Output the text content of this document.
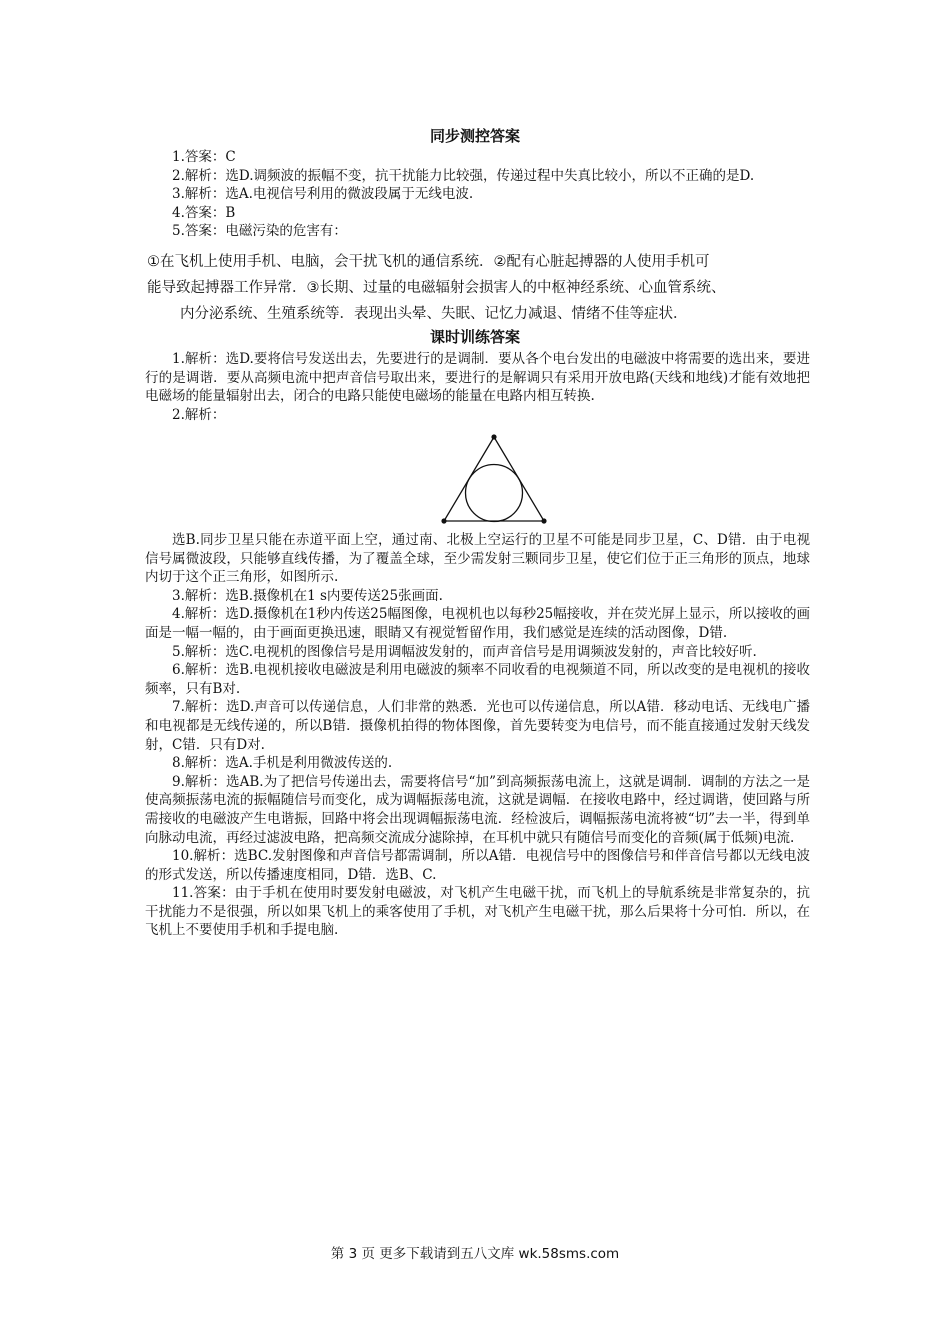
同步测控答案

1.答案：C

2.解析：选D.调频波的振幅不变，抗干扰能力比较强，传递过程中失真比较小，所以不正确的是D.

3.解析：选A.电视信号利用的微波段属于无线电波.

4.答案：B

5.答案：电磁污染的危害有：

①在飞机上使用手机、电脑，会干扰飞机的通信系统．②配有心脏起搏器的人使用手机可

能导致起搏器工作异常．③长期、过量的电磁辐射会损害人的中枢神经系统、心血管系统、

内分泌系统、生殖系统等．表现出头晕、失眠、记忆力减退、情绪不佳等症状．

课时训练答案

1.解析：选D.要将信号发送出去，先要进行的是调制．要从各个电台发出的电磁波中将需要的选出来，要进行的是调谐．要从高频电流中把声音信号取出来，要进行的是解调只有采用开放电路(天线和地线)才能有效地把电磁场的能量辐射出去，闭合的电路只能使电磁场的能量在电路内相互转换.

2.解析：

选B.同步卫星只能在赤道平面上空，通过南、北极上空运行的卫星不可能是同步卫星，C、D错．由于电视信号属微波段，只能够直线传播，为了覆盖全球，至少需发射三颗同步卫星，使它们位于正三角形的顶点，地球内切于这个正三角形，如图所示.

3.解析：选B.摄像机在1 s内要传送25张画面.

4.解析：选D.摄像机在1秒内传送25幅图像，电视机也以每秒25幅接收，并在荧光屏上显示，所以接收的画面是一幅一幅的，由于画面更换迅速，眼睛又有视觉暂留作用，我们感觉是连续的活动图像，D错.

5.解析：选C.电视机的图像信号是用调幅波发射的，而声音信号是用调频波发射的，声音比较好听.

6.解析：选B.电视机接收电磁波是利用电磁波的频率不同收看的电视频道不同，所以改变的是电视机的接收频率，只有B对.

7.解析：选D.声音可以传递信息，人们非常的熟悉．光也可以传递信息，所以A错．移动电话、无线电广播和电视都是无线传递的，所以B错．摄像机拍得的物体图像，首先要转变为电信号，而不能直接通过发射天线发射，C错．只有D对.

8.解析：选A.手机是利用微波传送的.

9.解析：选AB.为了把信号传递出去，需要将信号“加”到高频振荡电流上，这就是调制．调制的方法之一是使高频振荡电流的振幅随信号而变化，成为调幅振荡电流，这就是调幅．在接收电路中，经过调谐，使回路与所需接收的电磁波产生电谐振，回路中将会出现调幅振荡电流．经检波后，调幅振荡电流将被“切”去一半，得到单向脉动电流，再经过滤波电路，把高频交流成分滤除掉，在耳机中就只有随信号而变化的音频(属于低频)电流.

10.解析：选BC.发射图像和声音信号都需调制，所以A错．电视信号中的图像信号和伴音信号都以无线电波的形式发送，所以传播速度相同，D错．选B、C.

11.答案：由于手机在使用时要发射电磁波，对飞机产生电磁干扰，而飞机上的导航系统是非常复杂的，抗干扰能力不是很强，所以如果飞机上的乘客使用了手机，对飞机产生电磁干扰，那么后果将十分可怕．所以，在飞机上不要使用手机和手提电脑.

第 3 页 更多下载请到五八文库 wk.58sms.com
